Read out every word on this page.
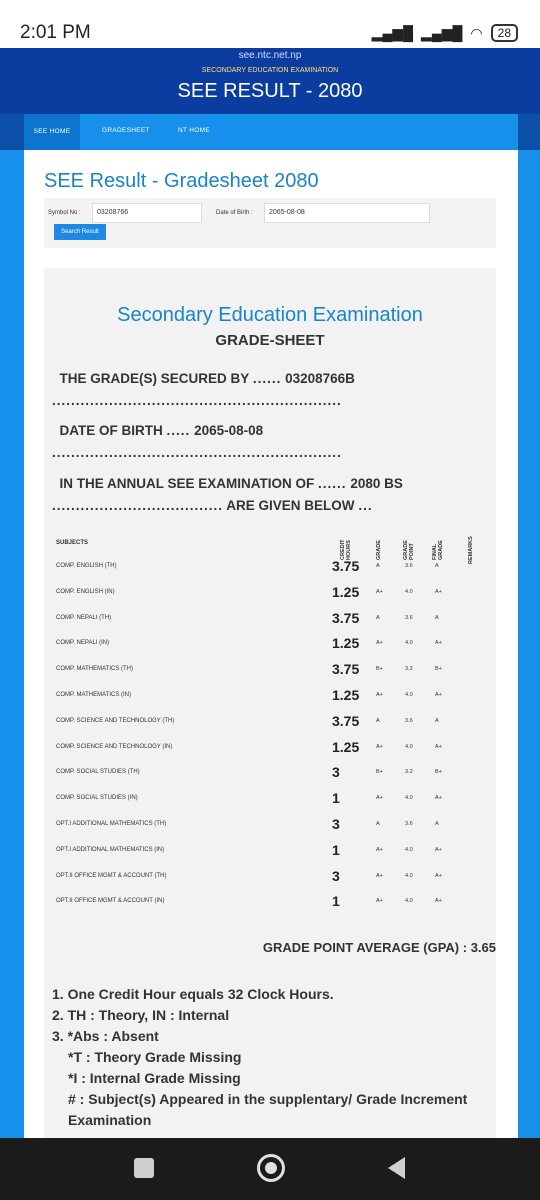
2:01 PM	▂▄▆█ ▂▄▆█ ◠	28
see.ntc.net.np
SECONDARY EDUCATION EXAMINATION
SEE RESULT - 2080
SEE HOME	GRADESHEET	NT HOME
SEE Result - Gradesheet 2080
Symbol No :	03208766	Date of Birth :	2065-08-08
Search Result
Secondary Education Examination
GRADE-SHEET
THE GRADE(S) SECURED BY ...... 03208766B .............................................................
DATE OF BIRTH ..... 2065-08-08 .............................................................
IN THE ANNUAL SEE EXAMINATION OF ...... 2080 BS .................................... ARE GIVEN BELOW ...
SUBJECTS	CREDIT HOURS	GRADE	GRADE POINT	FINAL GRADE	REMARKS
COMP. ENGLISH (TH)	3.75	A	3.6	A
COMP. ENGLISH (IN)	1.25	A+	4.0	A+
COMP. NEPALI (TH)	3.75	A	3.6	A
COMP. NEPALI (IN)	1.25	A+	4.0	A+
COMP. MATHEMATICS (TH)	3.75	B+	3.2	B+
COMP. MATHEMATICS (IN)	1.25	A+	4.0	A+
COMP. SCIENCE AND TECHNOLOGY (TH)	3.75	A	3.6	A
COMP. SCIENCE AND TECHNOLOGY (IN)	1.25	A+	4.0	A+
COMP. SOCIAL STUDIES (TH)	3	B+	3.2	B+
COMP. SOCIAL STUDIES (IN)	1	A+	4.0	A+
OPT.I ADDITIONAL MATHEMATICS (TH)	3	A	3.6	A
OPT.I ADDITIONAL MATHEMATICS (IN)	1	A+	4.0	A+
OPT.II OFFICE MGMT & ACCOUNT (TH)	3	A+	4.0	A+
OPT.II OFFICE MGMT & ACCOUNT (IN)	1	A+	4.0	A+
GRADE POINT AVERAGE (GPA) : 3.65
1. One Credit Hour equals 32 Clock Hours.
2. TH : Theory, IN : Internal
3. *Abs : Absent
*T : Theory Grade Missing
*I : Internal Grade Missing
# : Subject(s) Appeared in the supplentary/ Grade Increment Examination
